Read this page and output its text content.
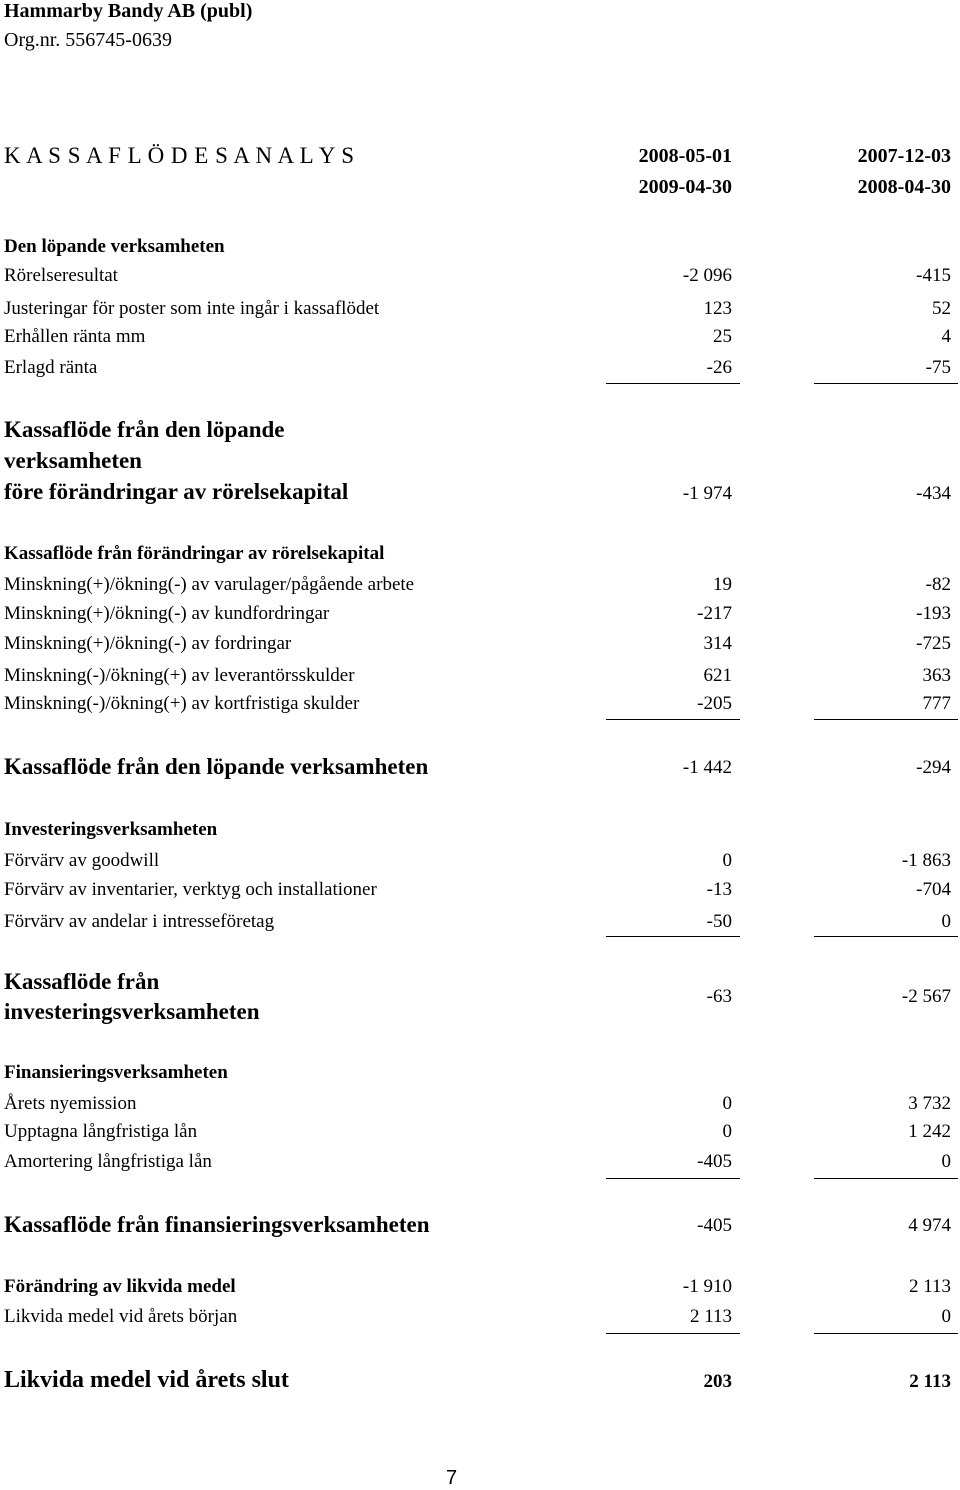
Hammarby Bandy AB (publ)
Org.nr. 556745-0639
K A S S A F L Ö D E S A N A L Y S	2008-05-01	2007-12-03
2009-04-30	2008-04-30
Den löpande verksamheten
Rörelseresultat	-2 096	-415
Justeringar för poster som inte ingår i kassaflödet	123	52
Erhållen ränta mm	25	4
Erlagd ränta	-26	-75
Kassaflöde från den löpande
verksamheten
före förändringar av rörelsekapital	-1 974	-434
Kassaflöde från förändringar av rörelsekapital
Minskning(+)/ökning(-) av varulager/pågående arbete	19	-82
Minskning(+)/ökning(-) av kundfordringar	-217	-193
Minskning(+)/ökning(-) av fordringar	314	-725
Minskning(-)/ökning(+) av leverantörsskulder	621	363
Minskning(-)/ökning(+) av kortfristiga skulder	-205	777
Kassaflöde från den löpande verksamheten	-1 442	-294
Investeringsverksamheten
Förvärv av goodwill	0	-1 863
Förvärv av inventarier, verktyg och installationer	-13	-704
Förvärv av andelar i intresseföretag	-50	0
Kassaflöde från
investeringsverksamheten
-63	-2 567
Finansieringsverksamheten
Årets nyemission	0	3 732
Upptagna långfristiga lån	0	1 242
Amortering långfristiga lån	-405	0
Kassaflöde från finansieringsverksamheten	-405	4 974
Förändring av likvida medel	-1 910	2 113
Likvida medel vid årets början	2 113	0
Likvida medel vid årets slut	203	2 113
7
